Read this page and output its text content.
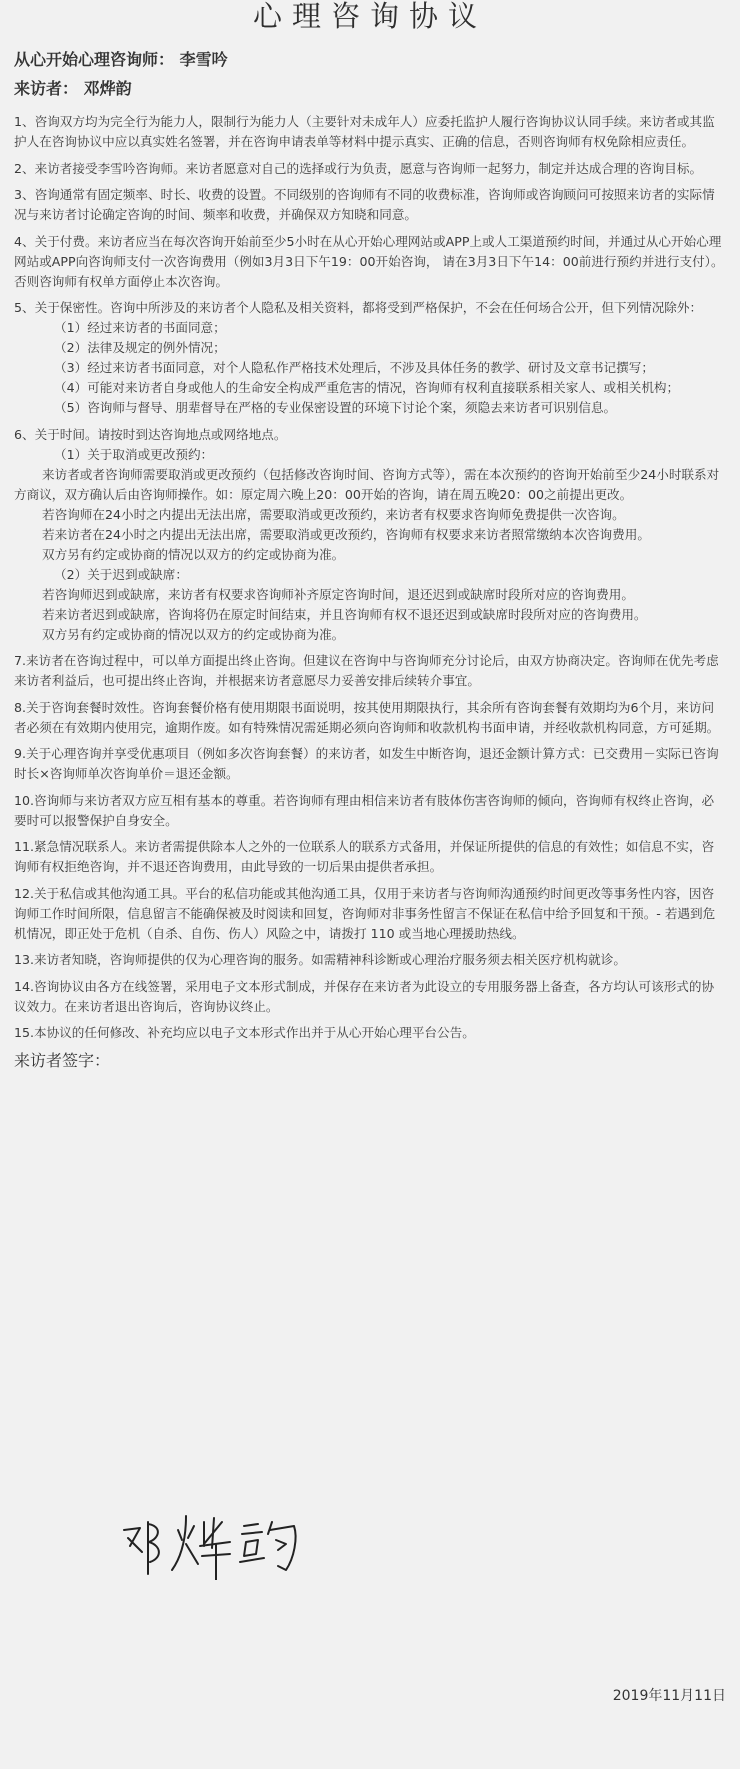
心理咨询协议
从心开始心理咨询师： 李雪吟
来访者： 邓烨韵
1、咨询双方均为完全行为能力人，限制行为能力人（主要针对未成年人）应委托监护人履行咨询协议认同手续。来访者或其监护人在咨询协议中应以真实姓名签署，并在咨询申请表单等材料中提示真实、正确的信息，否则咨询师有权免除相应责任。
2、来访者接受李雪吟咨询师。来访者愿意对自己的选择或行为负责，愿意与咨询师一起努力，制定并达成合理的咨询目标。
3、咨询通常有固定频率、时长、收费的设置。不同级别的咨询师有不同的收费标准，咨询师或咨询顾问可按照来访者的实际情况与来访者讨论确定咨询的时间、频率和收费，并确保双方知晓和同意。
4、关于付费。来访者应当在每次咨询开始前至少5小时在从心开始心理网站或APP上或人工渠道预约时间，并通过从心开始心理网站或APP向咨询师支付一次咨询费用（例如3月3日下午19：00开始咨询， 请在3月3日下午14：00前进行预约并进行支付）。否则咨询师有权单方面停止本次咨询。
5、关于保密性。咨询中所涉及的来访者个人隐私及相关资料，都将受到严格保护，不会在任何场合公开，但下列情况除外：
（1）经过来访者的书面同意；
（2）法律及规定的例外情况；
（3）经过来访者书面同意，对个人隐私作严格技术处理后，不涉及具体任务的教学、研讨及文章书记撰写；
（4）可能对来访者自身或他人的生命安全构成严重危害的情况，咨询师有权利直接联系相关家人、或相关机构；
（5）咨询师与督导、朋辈督导在严格的专业保密设置的环境下讨论个案，须隐去来访者可识别信息。
6、关于时间。请按时到达咨询地点或网络地点。
（1）关于取消或更改预约：
来访者或者咨询师需要取消或更改预约（包括修改咨询时间、咨询方式等），需在本次预约的咨询开始前至少24小时联系对方商议，双方确认后由咨询师操作。如：原定周六晚上20：00开始的咨询，请在周五晚20：00之前提出更改。
若咨询师在24小时之内提出无法出席，需要取消或更改预约，来访者有权要求咨询师免费提供一次咨询。
若来访者在24小时之内提出无法出席，需要取消或更改预约，咨询师有权要求来访者照常缴纳本次咨询费用。
双方另有约定或协商的情况以双方的约定或协商为准。
（2）关于迟到或缺席：
若咨询师迟到或缺席，来访者有权要求咨询师补齐原定咨询时间，退还迟到或缺席时段所对应的咨询费用。
若来访者迟到或缺席，咨询将仍在原定时间结束，并且咨询师有权不退还迟到或缺席时段所对应的咨询费用。
双方另有约定或协商的情况以双方的约定或协商为准。
7.来访者在咨询过程中，可以单方面提出终止咨询。但建议在咨询中与咨询师充分讨论后，由双方协商决定。咨询师在优先考虑来访者利益后，也可提出终止咨询，并根据来访者意愿尽力妥善安排后续转介事宜。
8.关于咨询套餐时效性。咨询套餐价格有使用期限书面说明，按其使用期限执行，其余所有咨询套餐有效期均为6个月，来访问者必须在有效期内使用完，逾期作废。如有特殊情况需延期必须向咨询师和收款机构书面申请，并经收款机构同意，方可延期。
9.关于心理咨询并享受优惠项目（例如多次咨询套餐）的来访者，如发生中断咨询，退还金额计算方式：已交费用－实际已咨询时长×咨询师单次咨询单价＝退还金额。
10.咨询师与来访者双方应互相有基本的尊重。若咨询师有理由相信来访者有肢体伤害咨询师的倾向，咨询师有权终止咨询，必要时可以报警保护自身安全。
11.紧急情况联系人。来访者需提供除本人之外的一位联系人的联系方式备用，并保证所提供的信息的有效性；如信息不实，咨询师有权拒绝咨询，并不退还咨询费用，由此导致的一切后果由提供者承担。
12.关于私信或其他沟通工具。平台的私信功能或其他沟通工具，仅用于来访者与咨询师沟通预约时间更改等事务性内容，因咨询师工作时间所限，信息留言不能确保被及时阅读和回复，咨询师对非事务性留言不保证在私信中给予回复和干预。- 若遇到危机情况，即正处于危机（自杀、自伤、伤人）风险之中，请拨打 110 或当地心理援助热线。
13.来访者知晓，咨询师提供的仅为心理咨询的服务。如需精神科诊断或心理治疗服务须去相关医疗机构就诊。
14.咨询协议由各方在线签署，采用电子文本形式制成，并保存在来访者为此设立的专用服务器上备查，各方均认可该形式的协议效力。在来访者退出咨询后，咨询协议终止。
15.本协议的任何修改、补充均应以电子文本形式作出并于从心开始心理平台公告。
来访者签字：
2019年11月11日
